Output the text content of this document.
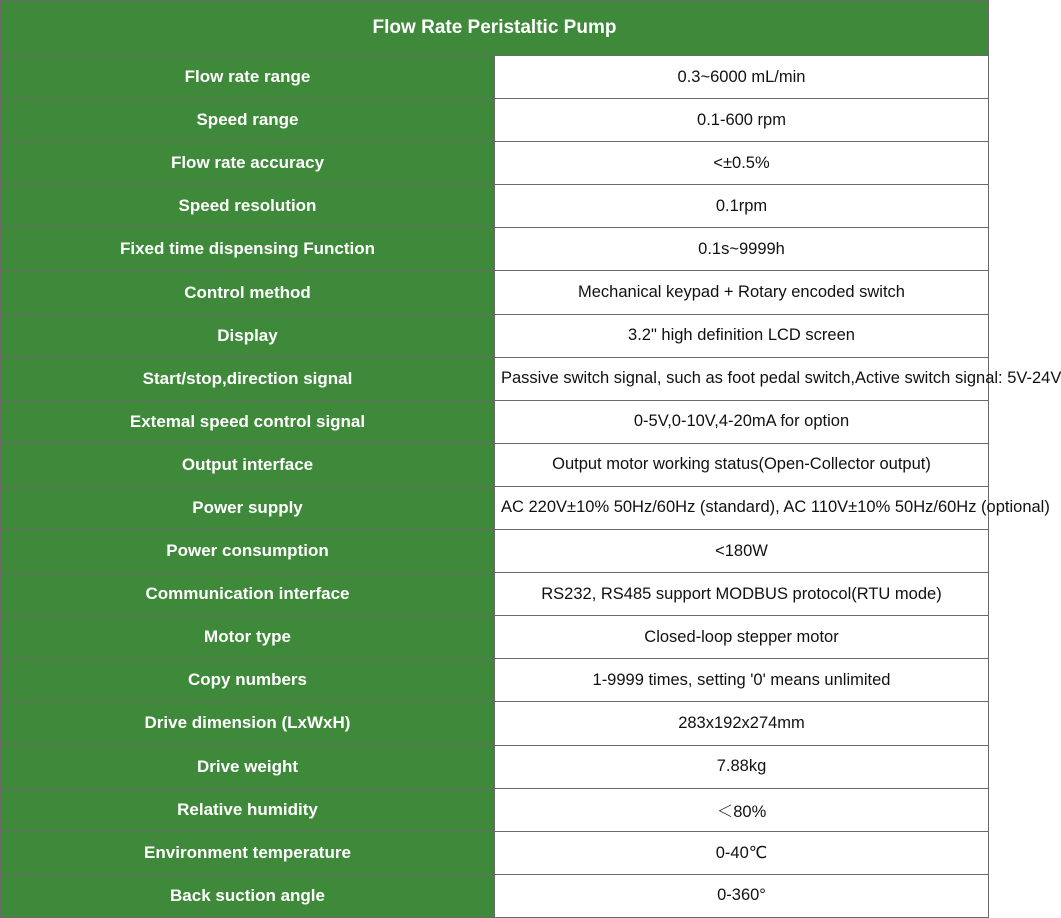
Flow Rate Peristaltic Pump	
Flow rate range	0.3~6000 mL/min
Speed range	0.1-600 rpm
Flow rate accuracy	<±0.5%
Speed resolution	0.1rpm
Fixed time dispensing Function	0.1s~9999h
Control method	Mechanical keypad + Rotary encoded switch
Display	3.2" high definition LCD screen
Start/stop,direction signal	Passive switch signal, such as foot pedal switch,Active switch signal: 5V-24V
Extemal speed control signal	0-5V,0-10V,4-20mA for option
Output interface	Output motor working status(Open-Collector output)
Power supply	AC 220V±10% 50Hz/60Hz (standard), AC 110V±10% 50Hz/60Hz (optional)
Power consumption	<180W
Communication interface	RS232, RS485 support MODBUS protocol(RTU mode)
Motor type	Closed-loop stepper motor
Copy numbers	1-9999 times, setting '0' means unlimited
Drive dimension (LxWxH)	283x192x274mm
Drive weight	7.88kg
Relative humidity	＜80%
Environment temperature	0-40℃
Back suction angle	0-360°
